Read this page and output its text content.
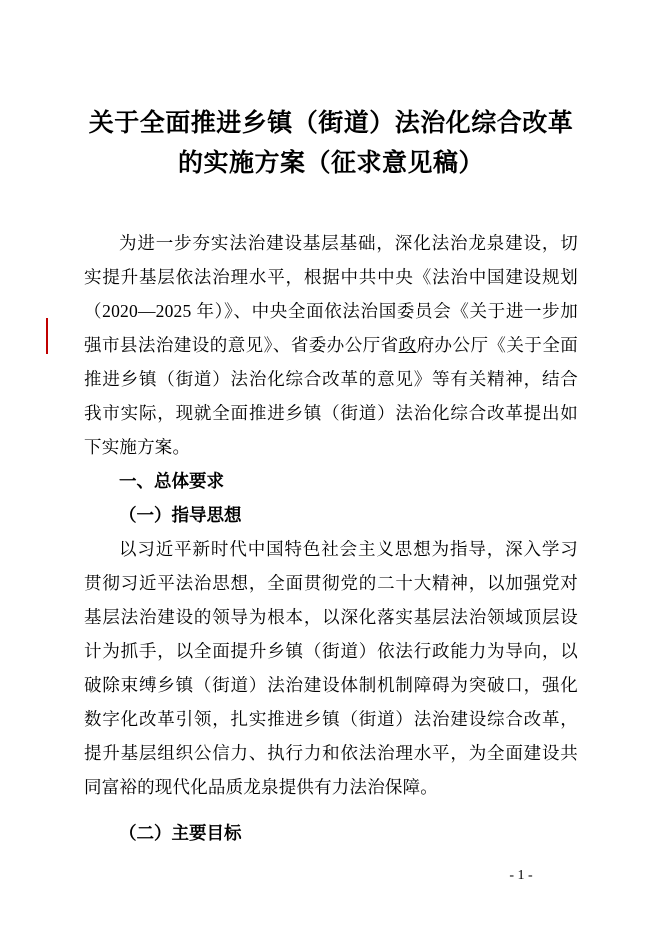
关于全面推进乡镇（街道）法治化综合改革的实施方案（征求意见稿）

为进一步夯实法治建设基层基础，深化法治龙泉建设，切实提升基层依法治理水平，根据中共中央《法治中国建设规划（2020—2025 年）》、中央全面依法治国委员会《关于进一步加强市县法治建设的意见》、省委办公厅省政府办公厅《关于全面推进乡镇（街道）法治化综合改革的意见》等有关精神，结合我市实际，现就全面推进乡镇（街道）法治化综合改革提出如下实施方案。

一、总体要求

（一）指导思想

以习近平新时代中国特色社会主义思想为指导，深入学习贯彻习近平法治思想，全面贯彻党的二十大精神，以加强党对基层法治建设的领导为根本，以深化落实基层法治领域顶层设计为抓手，以全面提升乡镇（街道）依法行政能力为导向，以破除束缚乡镇（街道）法治建设体制机制障碍为突破口，强化数字化改革引领，扎实推进乡镇（街道）法治建设综合改革，提升基层组织公信力、执行力和依法治理水平，为全面建设共同富裕的现代化品质龙泉提供有力法治保障。

（二）主要目标

- 1 -
